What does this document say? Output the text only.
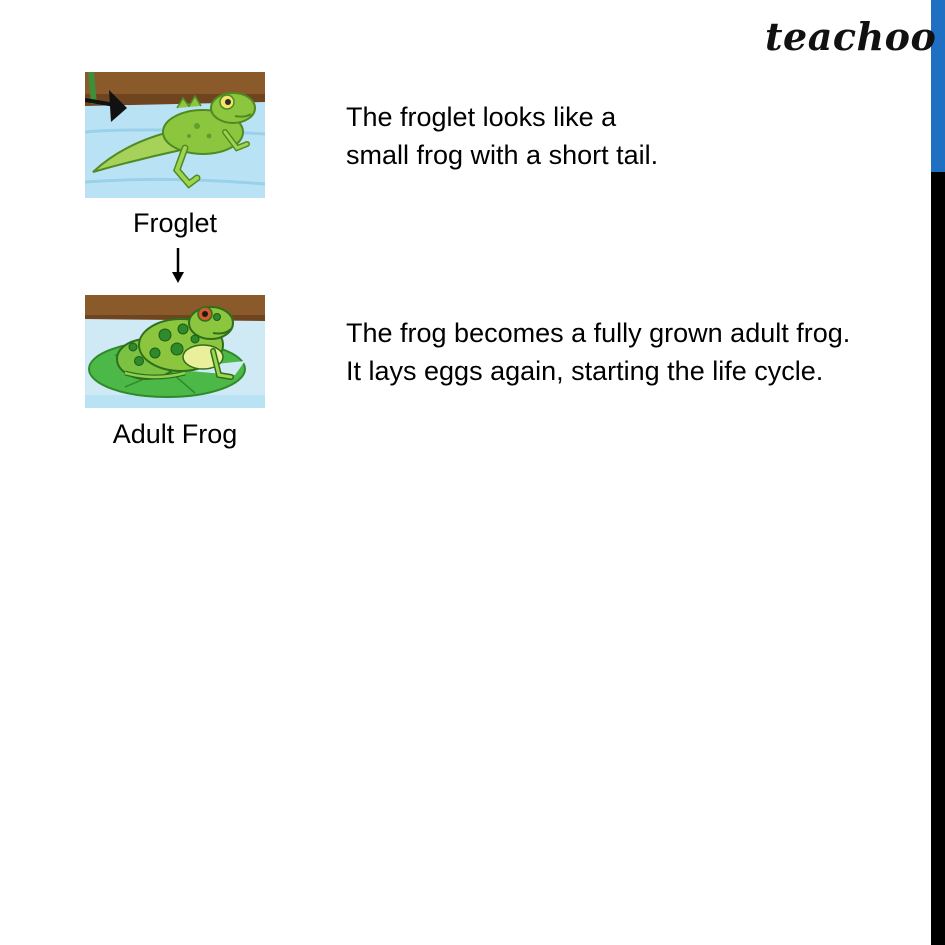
teachoo
Froglet
Adult Frog
The froglet looks like a
small frog with a short tail.
The frog becomes a fully grown adult frog.
It lays eggs again, starting the life cycle.
